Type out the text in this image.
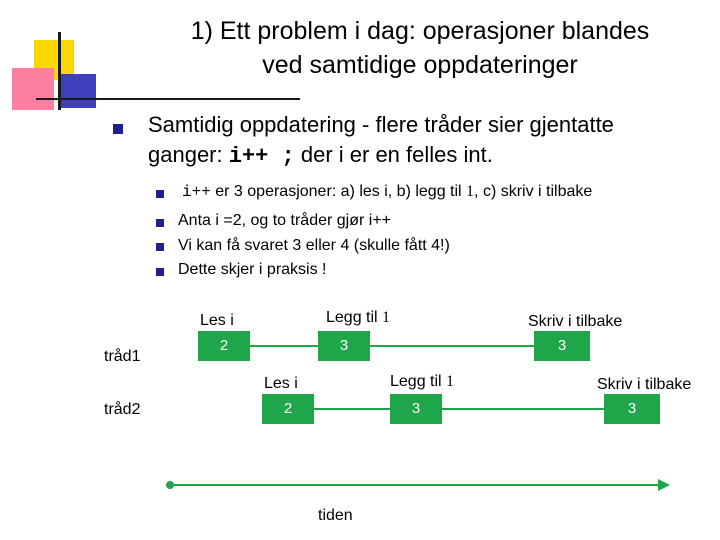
1) Ett problem i dag: operasjoner blandes
ved samtidige oppdateringer
Samtidig oppdatering - flere tråder sier gjentatte
ganger: i++ ; der i er en felles int.
i++ er 3 operasjoner: a) les i, b) legg til 1, c) skriv i tilbake
Anta i =2, og to tråder gjør i++
Vi kan få svaret 3 eller 4 (skulle fått 4!)
Dette skjer i praksis !
tråd1
Les i	Legg til 1	Skriv i tilbake
2	3	3
tråd2
Les i	Legg til 1	Skriv i tilbake
2	3	3
tiden
